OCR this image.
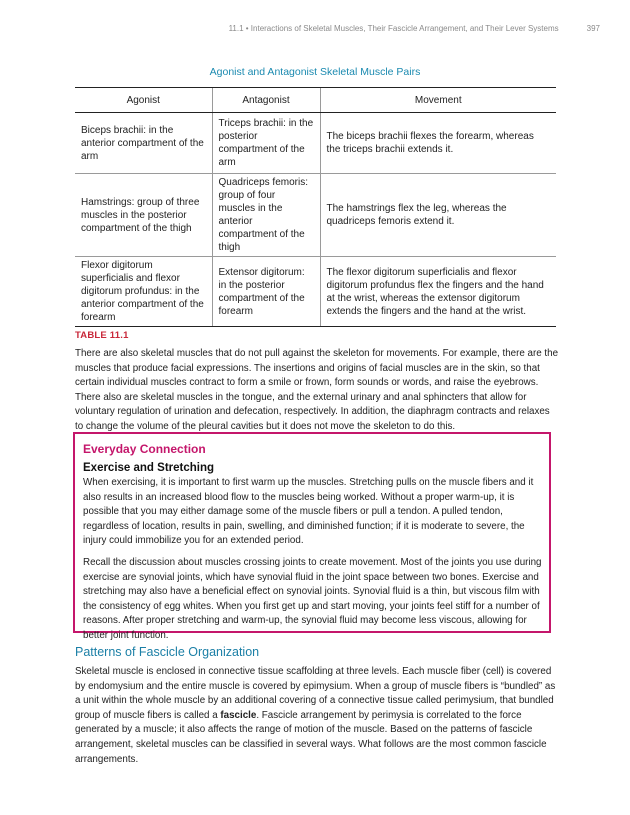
11.1 • Interactions of Skeletal Muscles, Their Fascicle Arrangement, and Their Lever Systems	397
Agonist and Antagonist Skeletal Muscle Pairs
Agonist	Antagonist	Movement
Biceps brachii: in the anterior compartment of the arm	Triceps brachii: in the posterior compartment of the arm	The biceps brachii flexes the forearm, whereas the triceps brachii extends it.
Hamstrings: group of three muscles in the posterior compartment of the thigh	Quadriceps femoris: group of four muscles in the anterior compartment of the thigh	The hamstrings flex the leg, whereas the quadriceps femoris extend it.
Flexor digitorum superficialis and flexor digitorum profundus: in the anterior compartment of the forearm	Extensor digitorum: in the posterior compartment of the forearm	The flexor digitorum superficialis and flexor digitorum profundus flex the fingers and the hand at the wrist, whereas the extensor digitorum extends the fingers and the hand at the wrist.
TABLE 11.1

There are also skeletal muscles that do not pull against the skeleton for movements. For example, there are the muscles that produce facial expressions. The insertions and origins of facial muscles are in the skin, so that certain individual muscles contract to form a smile or frown, form sounds or words, and raise the eyebrows. There also are skeletal muscles in the tongue, and the external urinary and anal sphincters that allow for voluntary regulation of urination and defecation, respectively. In addition, the diaphragm contracts and relaxes to change the volume of the pleural cavities but it does not move the skeleton to do this.

Everyday Connection
Exercise and Stretching

When exercising, it is important to first warm up the muscles. Stretching pulls on the muscle fibers and it also results in an increased blood flow to the muscles being worked. Without a proper warm-up, it is possible that you may either damage some of the muscle fibers or pull a tendon. A pulled tendon, regardless of location, results in pain, swelling, and diminished function; if it is moderate to severe, the injury could immobilize you for an extended period.

Recall the discussion about muscles crossing joints to create movement. Most of the joints you use during exercise are synovial joints, which have synovial fluid in the joint space between two bones. Exercise and stretching may also have a beneficial effect on synovial joints. Synovial fluid is a thin, but viscous film with the consistency of egg whites. When you first get up and start moving, your joints feel stiff for a number of reasons. After proper stretching and warm-up, the synovial fluid may become less viscous, allowing for better joint function.

Patterns of Fascicle Organization

Skeletal muscle is enclosed in connective tissue scaffolding at three levels. Each muscle fiber (cell) is covered by endomysium and the entire muscle is covered by epimysium. When a group of muscle fibers is “bundled” as a unit within the whole muscle by an additional covering of a connective tissue called perimysium, that bundled group of muscle fibers is called a fascicle. Fascicle arrangement by perimysia is correlated to the force generated by a muscle; it also affects the range of motion of the muscle. Based on the patterns of fascicle arrangement, skeletal muscles can be classified in several ways. What follows are the most common fascicle arrangements.
